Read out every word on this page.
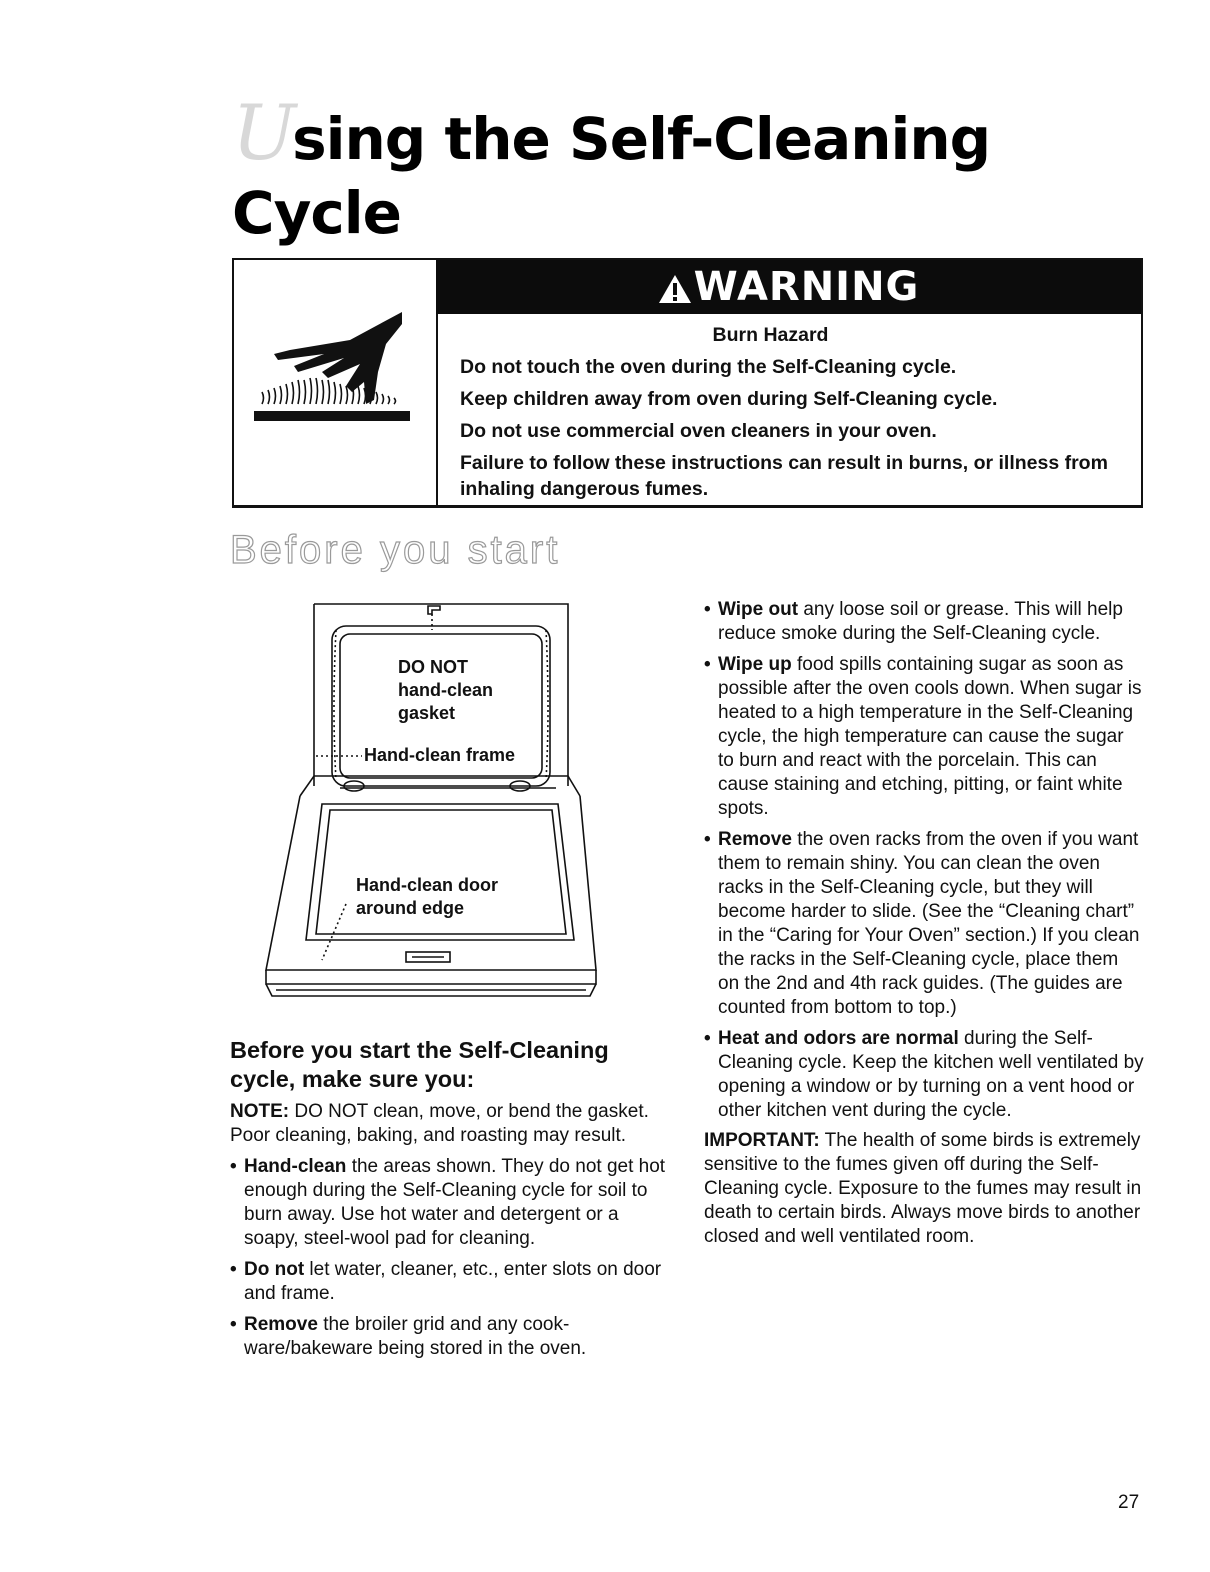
Using the Self-Cleaning
Cycle
WARNING
Burn Hazard
Do not touch the oven during the Self-Cleaning cycle.
Keep children away from oven during Self-Cleaning cycle.
Do not use commercial oven cleaners in your oven.
Failure to follow these instructions can result in burns, or illness from inhaling dangerous fumes.
Before you start
DO NOT
hand-clean
gasket
Hand-clean frame
Hand-clean door
around edge
Before you start the Self-Cleaning cycle, make sure you:

NOTE: DO NOT clean, move, or bend the gasket. Poor cleaning, baking, and roasting may result.

• Hand-clean the areas shown. They do not get hot enough during the Self-Cleaning cycle for soil to burn away. Use hot water and detergent or a soapy, steel-wool pad for cleaning.
• Do not let water, cleaner, etc., enter slots on door and frame.
• Remove the broiler grid and any cook-ware/bakeware being stored in the oven.
• Wipe out any loose soil or grease. This will help reduce smoke during the Self-Cleaning cycle.
• Wipe up food spills containing sugar as soon as possible after the oven cools down. When sugar is heated to a high temperature in the Self-Cleaning cycle, the high temperature can cause the sugar to burn and react with the porcelain. This can cause staining and etching, pitting, or faint white spots.
• Remove the oven racks from the oven if you want them to remain shiny. You can clean the oven racks in the Self-Cleaning cycle, but they will become harder to slide. (See the “Cleaning chart” in the “Caring for Your Oven” section.) If you clean the racks in the Self-Cleaning cycle, place them on the 2nd and 4th rack guides. (The guides are counted from bottom to top.)
• Heat and odors are normal during the Self-Cleaning cycle. Keep the kitchen well ventilated by opening a window or by turning on a vent hood or other kitchen vent during the cycle.

IMPORTANT: The health of some birds is extremely sensitive to the fumes given off during the Self-Cleaning cycle. Exposure to the fumes may result in death to certain birds. Always move birds to another closed and well ventilated room.

27
